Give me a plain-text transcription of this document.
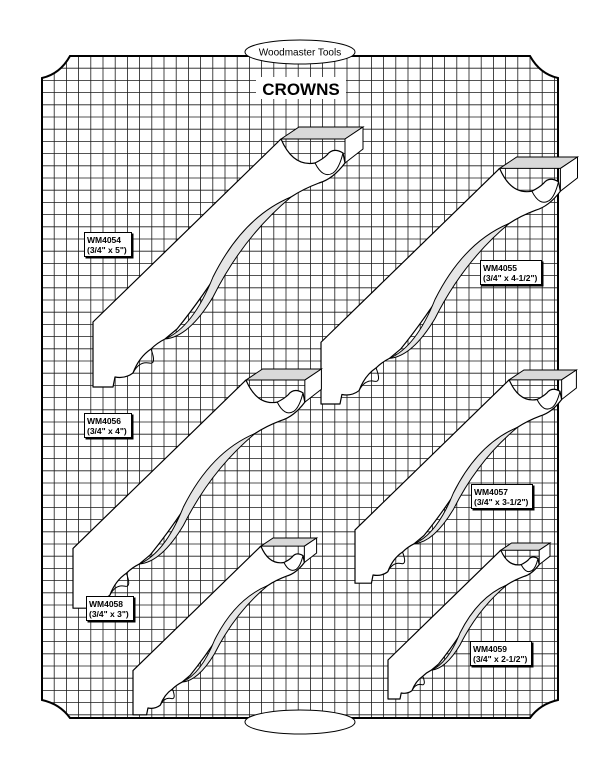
Woodmaster Tools
CROWNS
WM4054
(3/4" x 5")
WM4055
(3/4" x 4-1/2")
WM4056
(3/4" x 4")
WM4057
(3/4" x 3-1/2")
WM4058
(3/4" x 3")
WM4059
(3/4" x 2-1/2")
